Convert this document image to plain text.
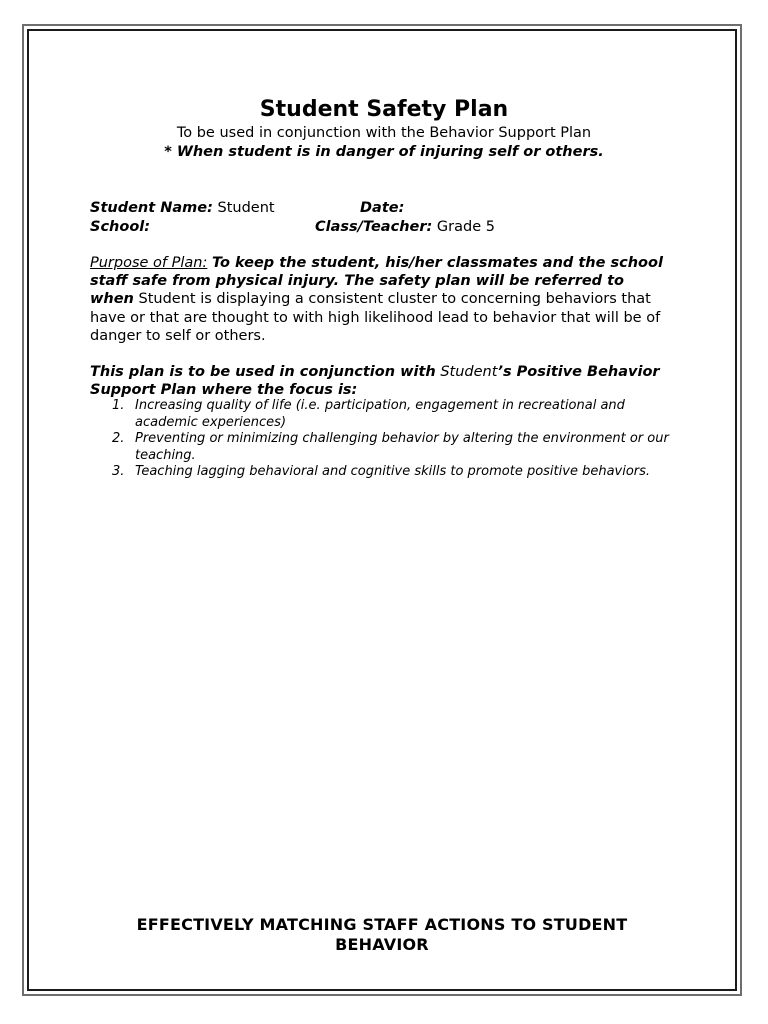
Student Safety Plan
To be used in conjunction with the Behavior Support Plan
* When student is in danger of injuring self or others.
Student Name: Student	Date:
School:	Class/Teacher: Grade 5
Purpose of Plan: To keep the student, his/her classmates and the school staff safe from physical injury. The safety plan will be referred to when Student is displaying a consistent cluster to concerning behaviors that have or that are thought to with high likelihood lead to behavior that will be of danger to self or others.
This plan is to be used in conjunction with Student’s Positive Behavior Support Plan where the focus is:
1. Increasing quality of life (i.e. participation, engagement in recreational and academic experiences)
2. Preventing or minimizing challenging behavior by altering the environment or our teaching.
3. Teaching lagging behavioral and cognitive skills to promote positive behaviors.
EFFECTIVELY MATCHING STAFF ACTIONS TO STUDENT BEHAVIOR
